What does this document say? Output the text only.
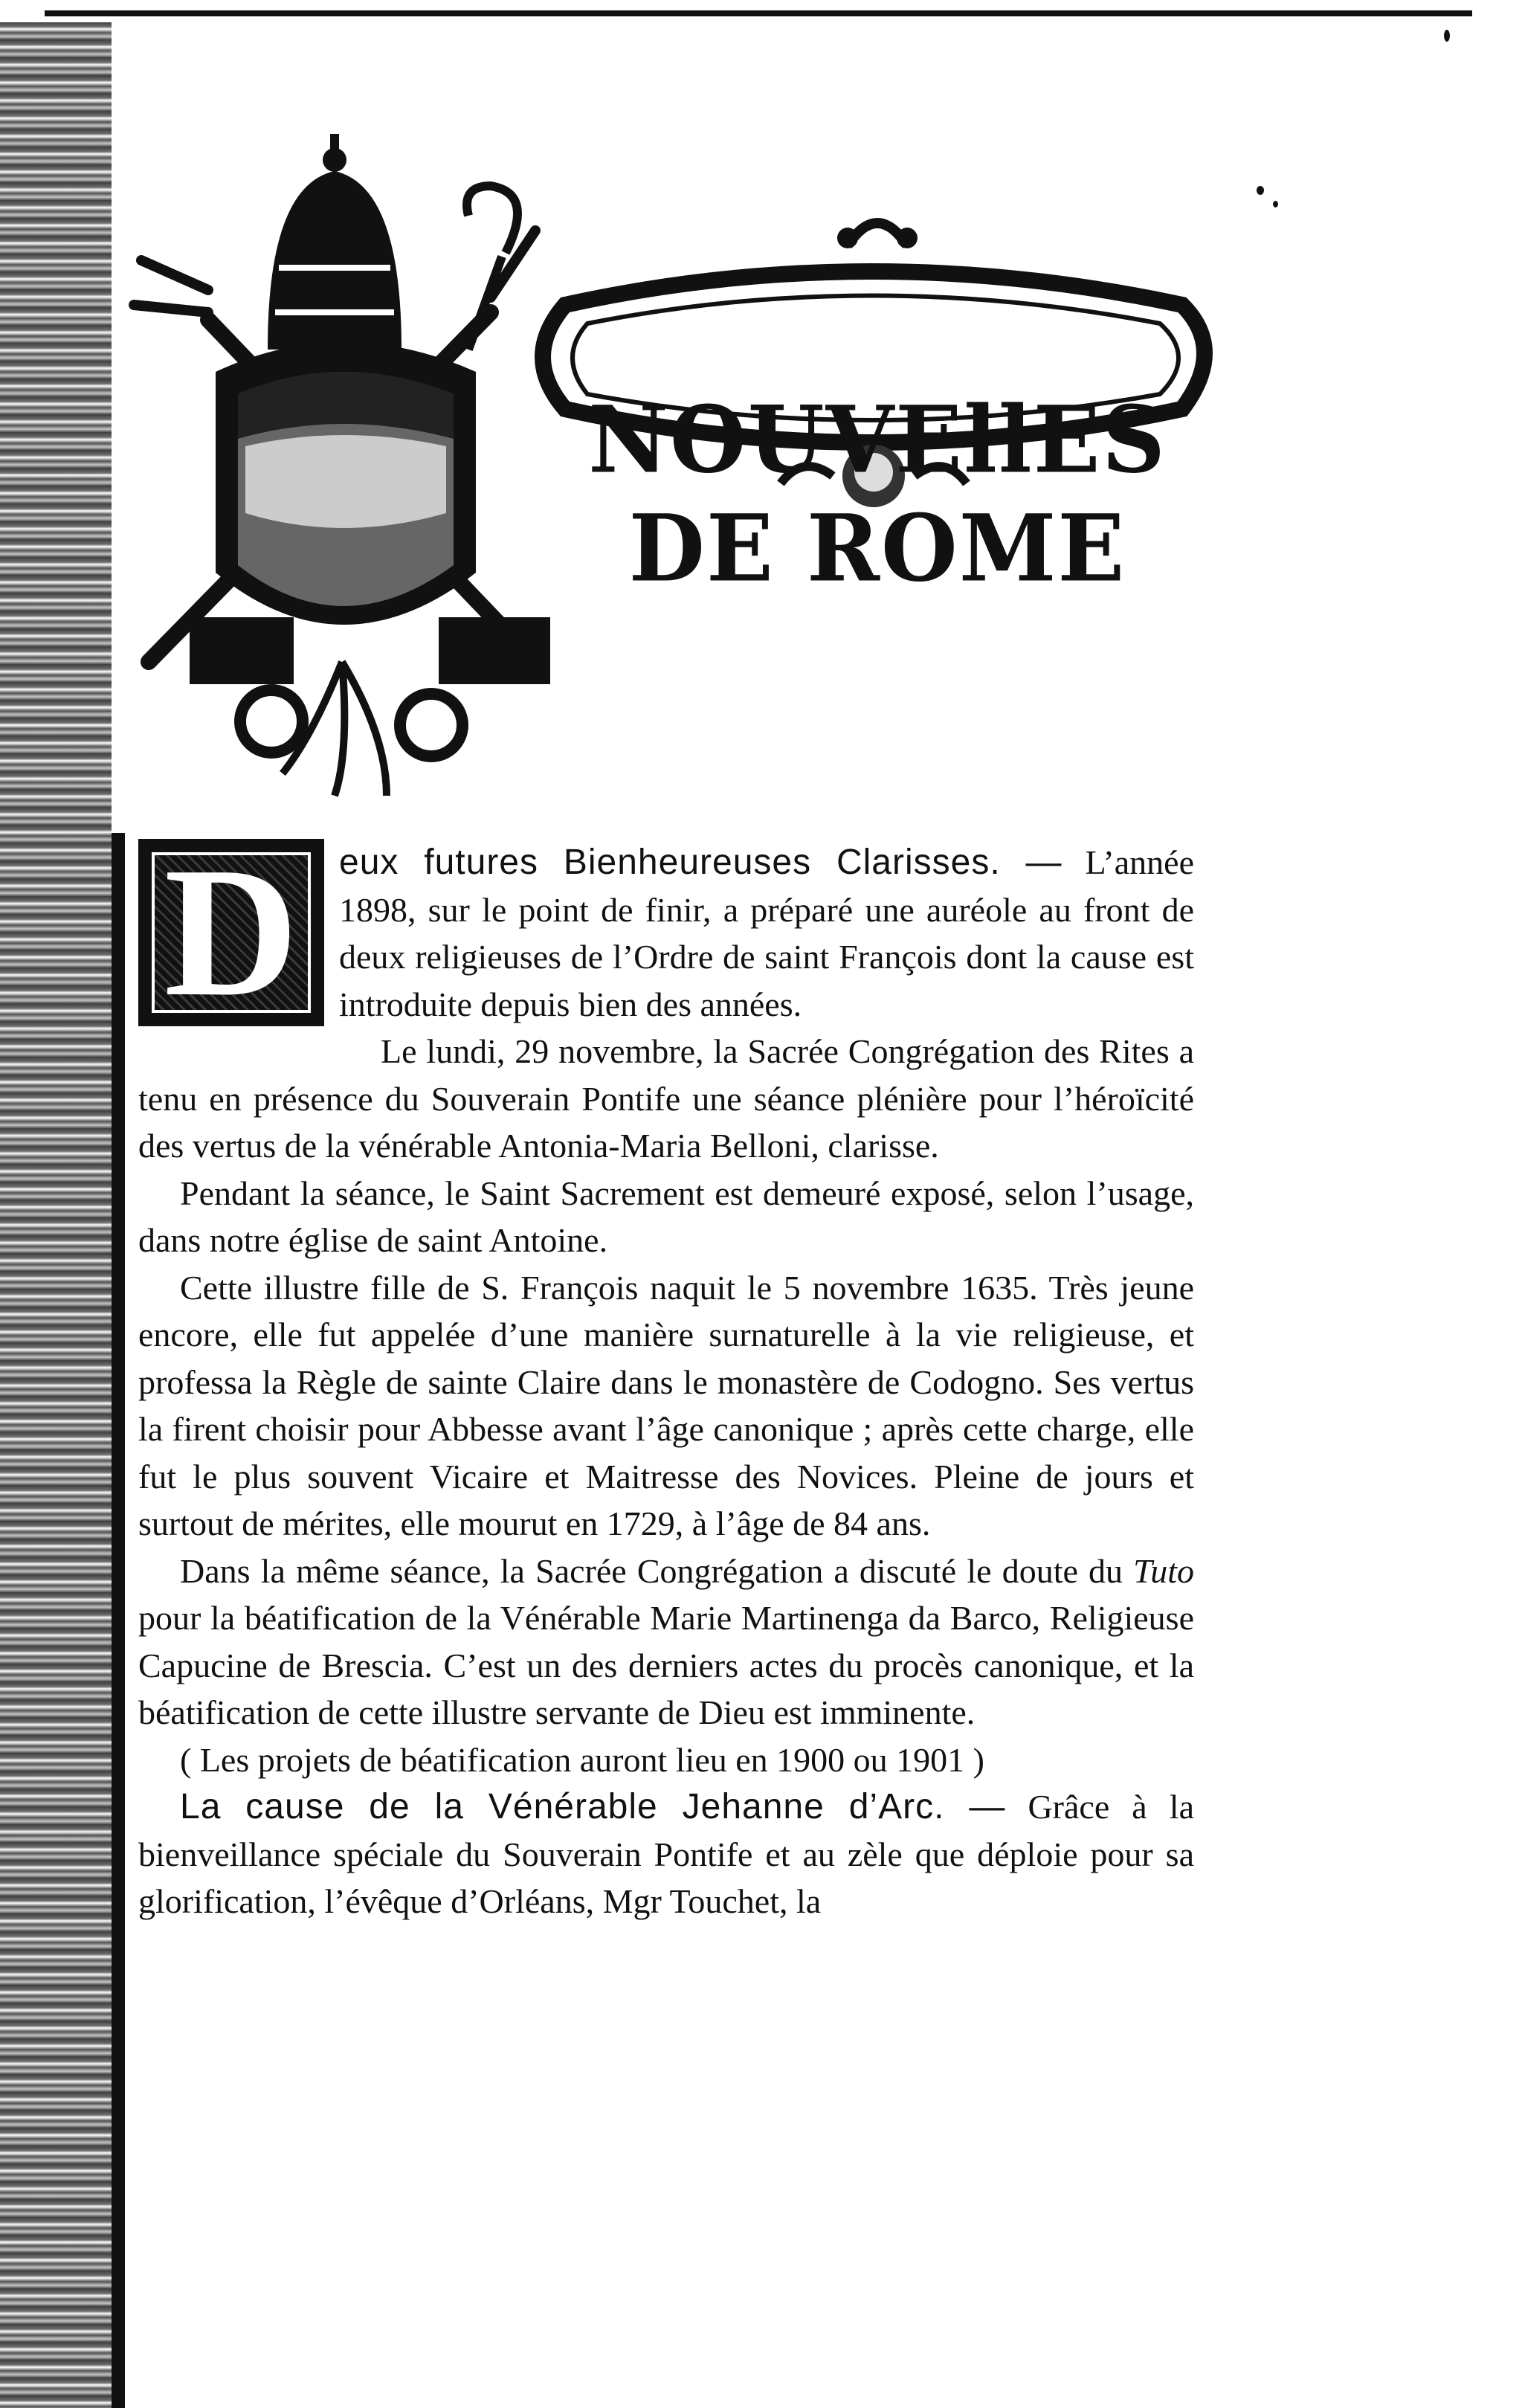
NOUVEllES DE ROME
D	eux futures Bienheureuses Clarisses. — L’année 1898, sur le point de finir, a préparé une auréole au front de deux religieuses de l’Ordre de saint François dont la cause est introduite depuis bien des années.

Le lundi, 29 novembre, la Sacrée Congrégation des Rites a tenu en présence du Souverain Pontife une séance plénière pour l’héroïcité des vertus de la vénérable Antonia-Maria Belloni, clarisse.

Pendant la séance, le Saint Sacrement est demeuré exposé, selon l’usage, dans notre église de saint Antoine.

Cette illustre fille de S. François naquit le 5 novembre 1635. Très jeune encore, elle fut appelée d’une manière surnaturelle à la vie religieuse, et professa la Règle de sainte Claire dans le monastère de Codogno. Ses vertus la firent choisir pour Abbesse avant l’âge canonique ; après cette charge, elle fut le plus souvent Vicaire et Maitresse des Novices. Pleine de jours et surtout de mérites, elle mourut en 1729, à l’âge de 84 ans.

Dans la même séance, la Sacrée Congrégation a discuté le doute du Tuto pour la béatification de la Vénérable Marie Martinenga da Barco, Religieuse Capucine de Brescia. C’est un des derniers actes du procès canonique, et la béatification de cette illustre servante de Dieu est imminente.

( Les projets de béatification auront lieu en 1900 ou 1901 )

La cause de la Vénérable Jehanne d’Arc. — Grâce à la bienveillance spéciale du Souverain Pontife et au zèle que déploie pour sa glorification, l’évêque d’Orléans, Mgr Touchet, la
